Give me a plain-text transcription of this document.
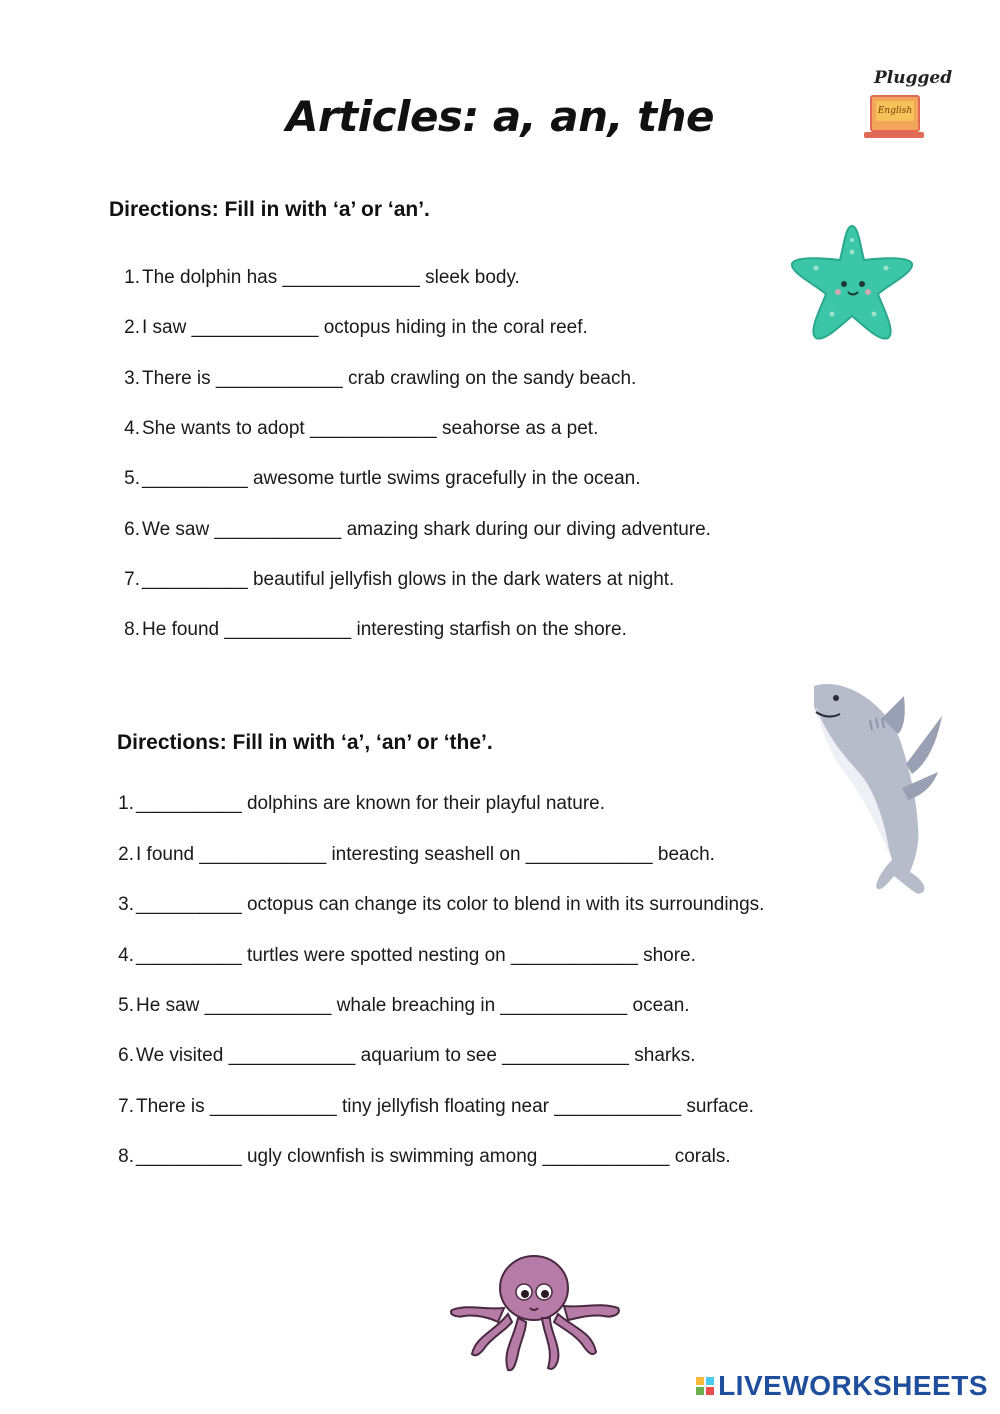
Articles: a, an, the
Plugged
English
Directions: Fill in with ‘a’ or ‘an’.
1. The dolphin has _____________ sleek body.
2. I saw ____________ octopus hiding in the coral reef.
3. There is ____________ crab crawling on the sandy beach.
4. She wants to adopt ____________ seahorse as a pet.
5. __________ awesome turtle swims gracefully in the ocean.
6. We saw ____________ amazing shark during our diving adventure.
7. __________ beautiful jellyfish glows in the dark waters at night.
8. He found ____________ interesting starfish on the shore.
Directions: Fill in with ‘a’, ‘an’ or ‘the’.
1. __________ dolphins are known for their playful nature.
2. I found ____________ interesting seashell on ____________ beach.
3. __________ octopus can change its color to blend in with its surroundings.
4. __________ turtles were spotted nesting on ____________ shore.
5. He saw ____________ whale breaching in ____________ ocean.
6. We visited ____________ aquarium to see ____________ sharks.
7. There is ____________ tiny jellyfish floating near ____________ surface.
8. __________ ugly clownfish is swimming among ____________ corals.
LIVEWORKSHEETS
